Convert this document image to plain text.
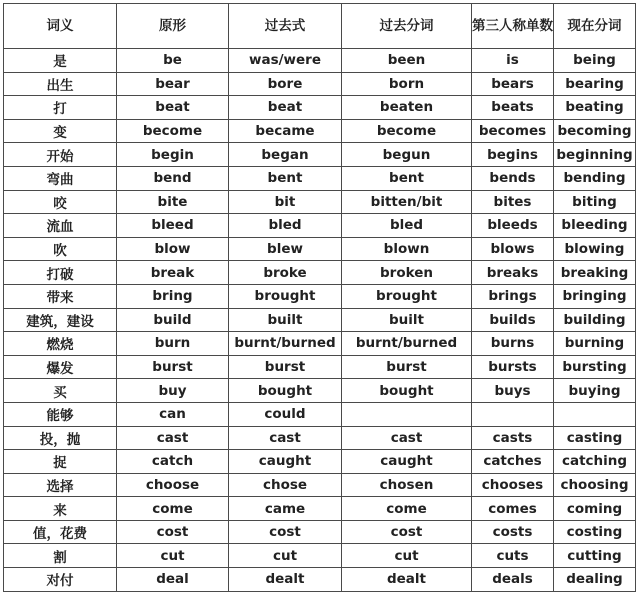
词义	原形	过去式	过去分词	第三人称单数	现在分词
是	be	was/were	been	is	being
出生	bear	bore	born	bears	bearing
打	beat	beat	beaten	beats	beating
变	become	became	become	becomes	becoming
开始	begin	began	begun	begins	beginning
弯曲	bend	bent	bent	bends	bending
咬	bite	bit	bitten/bit	bites	biting
流血	bleed	bled	bled	bleeds	bleeding
吹	blow	blew	blown	blows	blowing
打破	break	broke	broken	breaks	breaking
带来	bring	brought	brought	brings	bringing
建筑，建设	build	built	built	builds	building
燃烧	burn	burnt/burned	burnt/burned	burns	burning
爆发	burst	burst	burst	bursts	bursting
买	buy	bought	bought	buys	buying
能够	can	could			
投，抛	cast	cast	cast	casts	casting
捉	catch	caught	caught	catches	catching
选择	choose	chose	chosen	chooses	choosing
来	come	came	come	comes	coming
值，花费	cost	cost	cost	costs	costing
割	cut	cut	cut	cuts	cutting
对付	deal	dealt	dealt	deals	dealing
